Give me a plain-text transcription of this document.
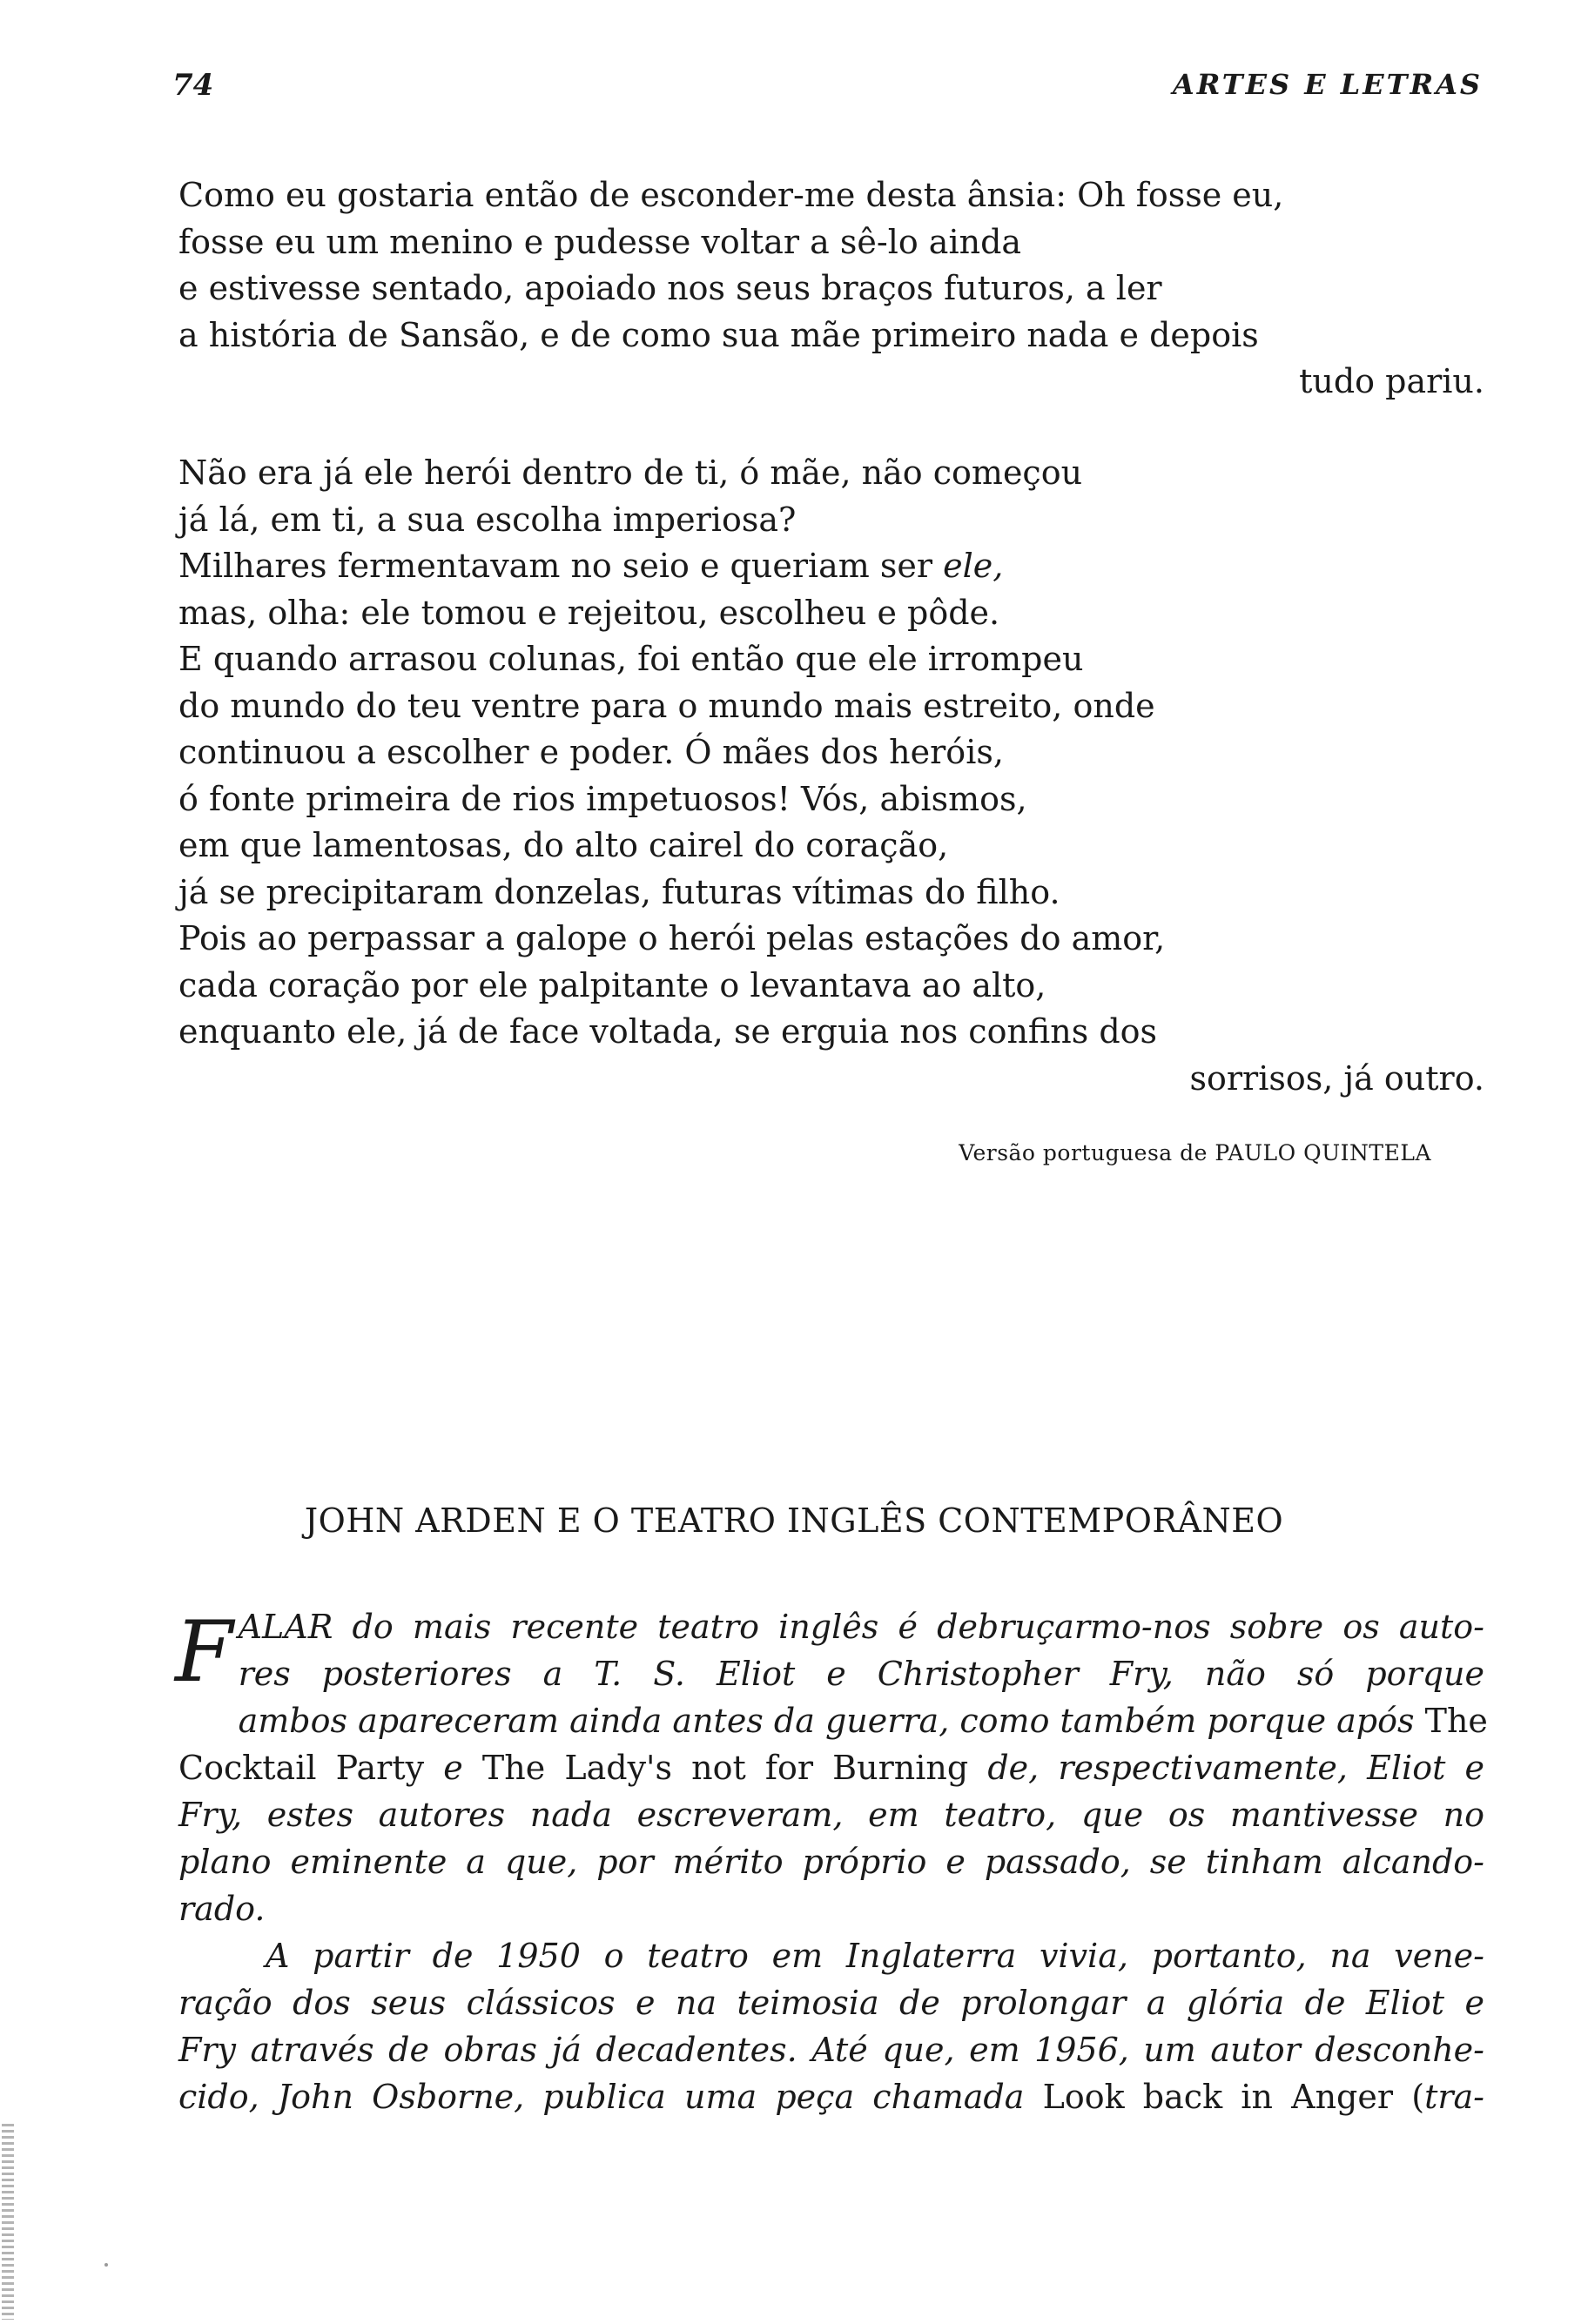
74	ARTES E LETRAS
Como eu gostaria então de esconder-me desta ânsia: Oh fosse eu,
fosse eu um menino e pudesse voltar a sê-lo ainda
e estivesse sentado, apoiado nos seus braços futuros, a ler
a história de Sansão, e de como sua mãe primeiro nada e depois
tudo pariu.
Não era já ele herói dentro de ti, ó mãe, não começou
já lá, em ti, a sua escolha imperiosa?
Milhares fermentavam no seio e queriam ser ele,
mas, olha: ele tomou e rejeitou, escolheu e pôde.
E quando arrasou colunas, foi então que ele irrompeu
do mundo do teu ventre para o mundo mais estreito, onde
continuou a escolher e poder. Ó mães dos heróis,
ó fonte primeira de rios impetuosos! Vós, abismos,
em que lamentosas, do alto cairel do coração,
já se precipitaram donzelas, futuras vítimas do filho.
Pois ao perpassar a galope o herói pelas estações do amor,
cada coração por ele palpitante o levantava ao alto,
enquanto ele, já de face voltada, se erguia nos confins dos
sorrisos, já outro.
Versão portuguesa de PAULO QUINTELA
JOHN ARDEN E O TEATRO INGLÊS CONTEMPORÂNEO
F ALAR do mais recente teatro inglês é debruçarmo-nos sobre os auto-
res posteriores a T. S. Eliot e Christopher Fry, não só porque
ambos apareceram ainda antes da guerra, como também porque após The
Cocktail Party e The Lady's not for Burning de, respectivamente, Eliot e
Fry, estes autores nada escreveram, em teatro, que os mantivesse no
plano eminente a que, por mérito próprio e passado, se tinham alcando-
rado.
A partir de 1950 o teatro em Inglaterra vivia, portanto, na vene-
ração dos seus clássicos e na teimosia de prolongar a glória de Eliot e
Fry através de obras já decadentes. Até que, em 1956, um autor desconhe-
cido, John Osborne, publica uma peça chamada Look back in Anger (tra-
